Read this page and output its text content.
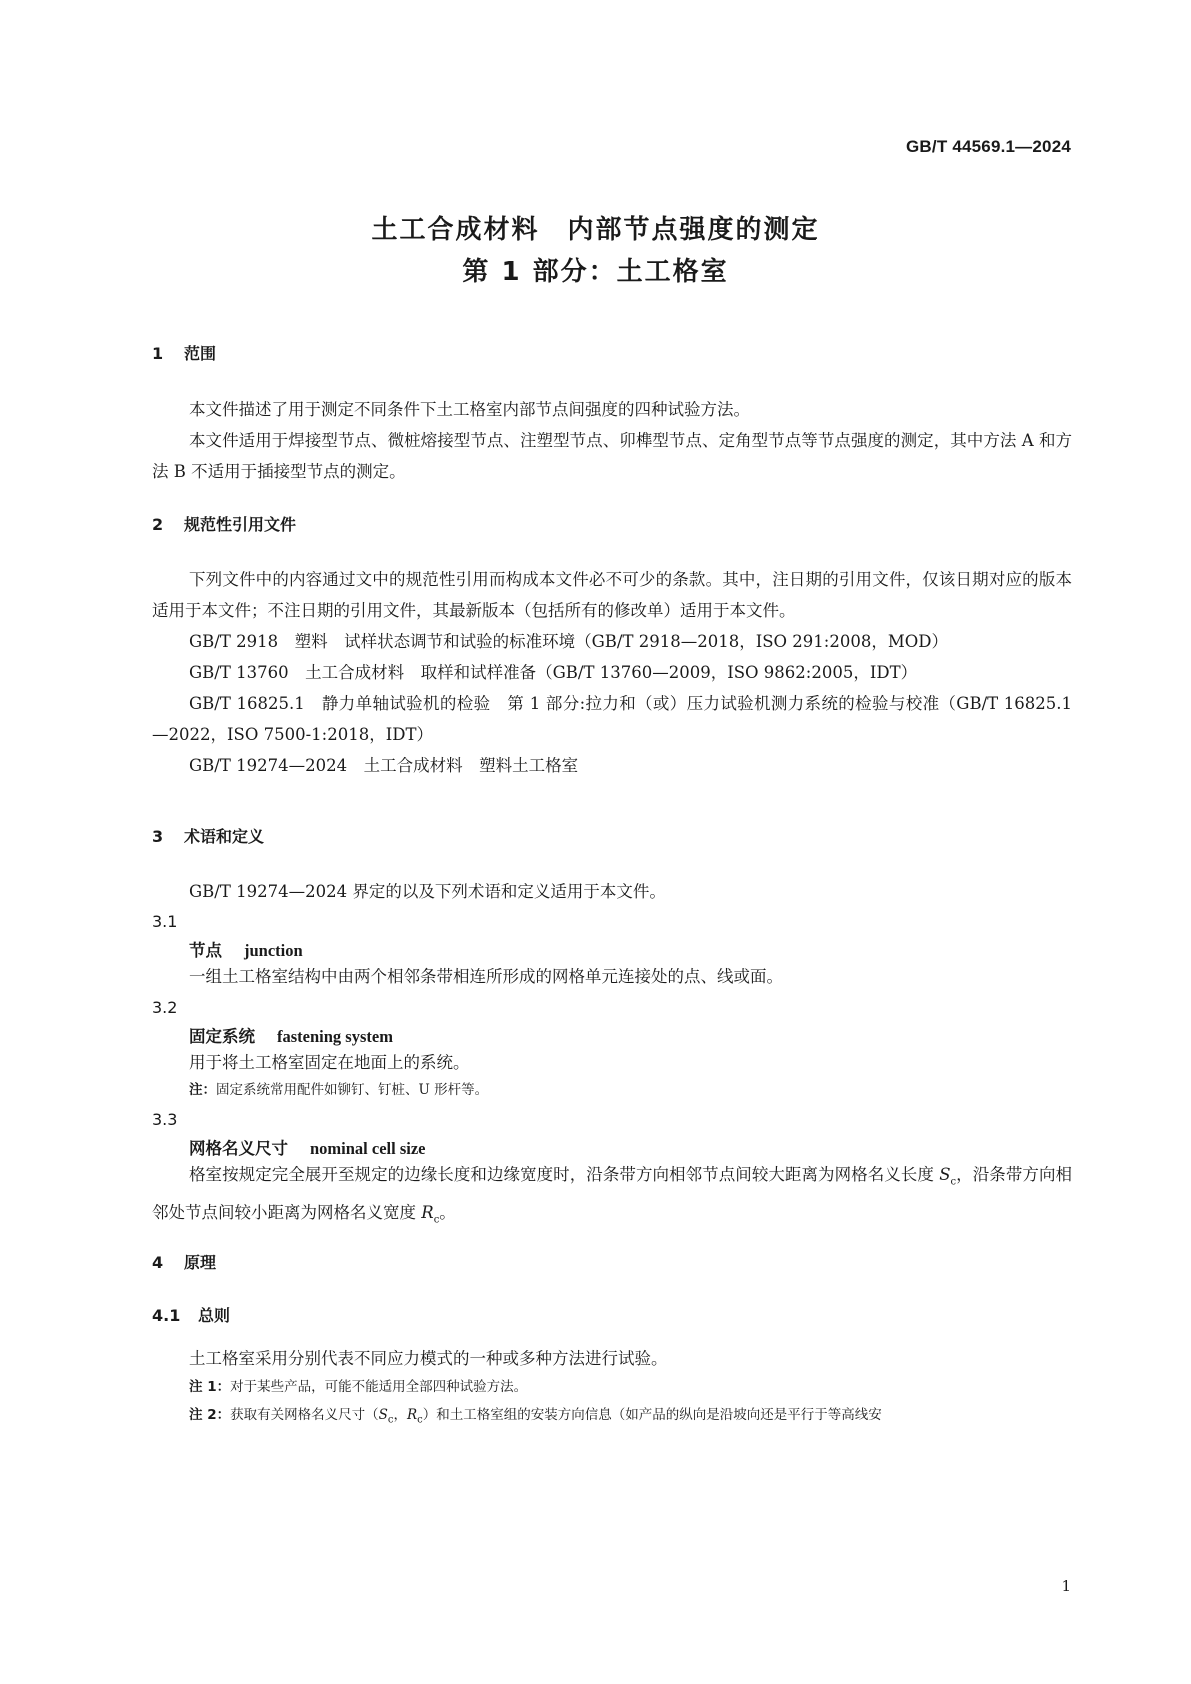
GB/T 44569.1—2024
土工合成材料　内部节点强度的测定
第 1 部分：土工格室
1 范围

本文件描述了用于测定不同条件下土工格室内部节点间强度的四种试验方法。

本文件适用于焊接型节点、微桩熔接型节点、注塑型节点、卯榫型节点、定角型节点等节点强度的测定，其中方法 A 和方法 B 不适用于插接型节点的测定。

2 规范性引用文件

下列文件中的内容通过文中的规范性引用而构成本文件必不可少的条款。其中，注日期的引用文件，仅该日期对应的版本适用于本文件；不注日期的引用文件，其最新版本（包括所有的修改单）适用于本文件。

GB/T 2918　塑料　试样状态调节和试验的标准环境（GB/T 2918—2018，ISO 291:2008，MOD）

GB/T 13760　土工合成材料　取样和试样准备（GB/T 13760—2009，ISO 9862:2005，IDT）

GB/T 16825.1　静力单轴试验机的检验　第 1 部分:拉力和（或）压力试验机测力系统的检验与校准（GB/T 16825.1—2022，ISO 7500-1:2018，IDT）

GB/T 19274—2024　土工合成材料　塑料土工格室

3 术语和定义

GB/T 19274—2024 界定的以及下列术语和定义适用于本文件。

3.1
节点 junction

一组土工格室结构中由两个相邻条带相连所形成的网格单元连接处的点、线或面。

3.2
固定系统 fastening system

用于将土工格室固定在地面上的系统。

注：固定系统常用配件如铆钉、钉桩、U 形杆等。
3.3
网格名义尺寸 nominal cell size

格室按规定完全展开至规定的边缘长度和边缘宽度时，沿条带方向相邻节点间较大距离为网格名义长度 $S_c$，沿条带方向相邻处节点间较小距离为网格名义宽度 $R_c$。

4 原理
4.1 总则

土工格室采用分别代表不同应力模式的一种或多种方法进行试验。

注 1：对于某些产品，可能不能适用全部四种试验方法。
注 2：获取有关网格名义尺寸（$S_c$，$R_c$）和土工格室组的安装方向信息（如产品的纵向是沿坡向还是平行于等高线安
1
